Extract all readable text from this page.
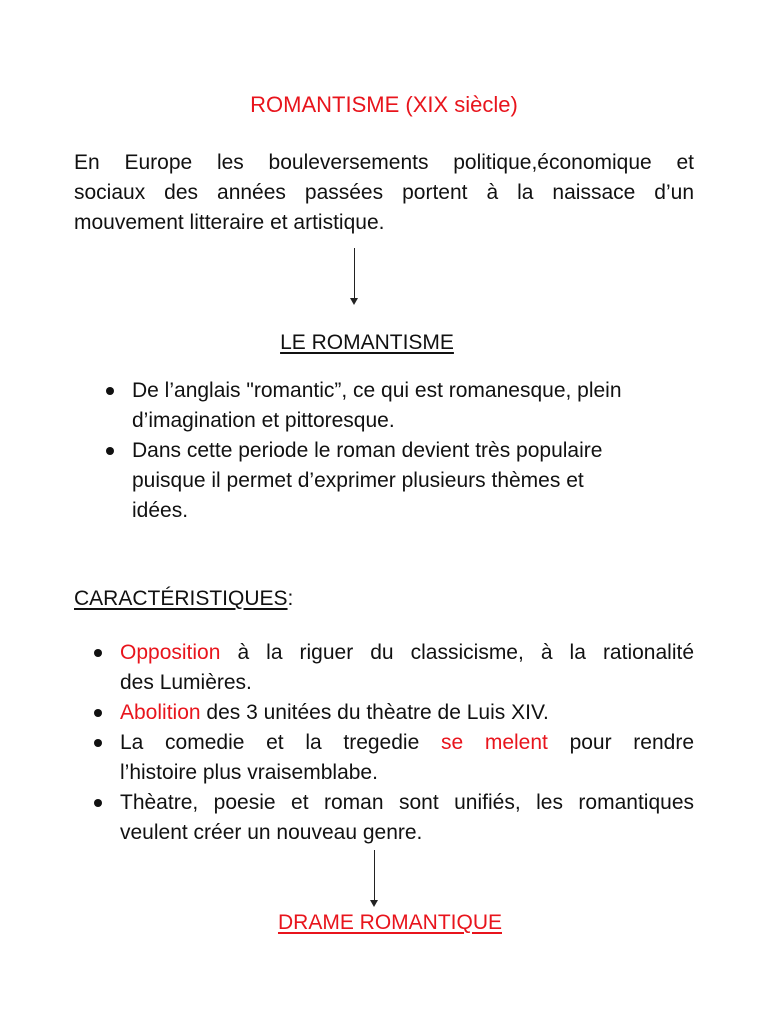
ROMANTISME (XIX siècle)
En Europe les bouleversements politique,économique et
sociaux des années passées portent à la naissace d’un
mouvement litteraire et artistique.
LE ROMANTISME
De l’anglais "romantic”, ce qui est romanesque, plein
d’imagination et pittoresque.
Dans cette periode le roman devient très populaire
puisque il permet d’exprimer plusieurs thèmes et
idées.
CARACTÉRISTIQUES:
Opposition à la riguer du classicisme, à la rationalité
des Lumières.
Abolition des 3 unitées du thèatre de Luis XIV.
La comedie et la tregedie se melent pour rendre
l’histoire plus vraisemblabe.
Thèatre, poesie et roman sont unifiés, les romantiques
veulent créer un nouveau genre.
DRAME ROMANTIQUE
